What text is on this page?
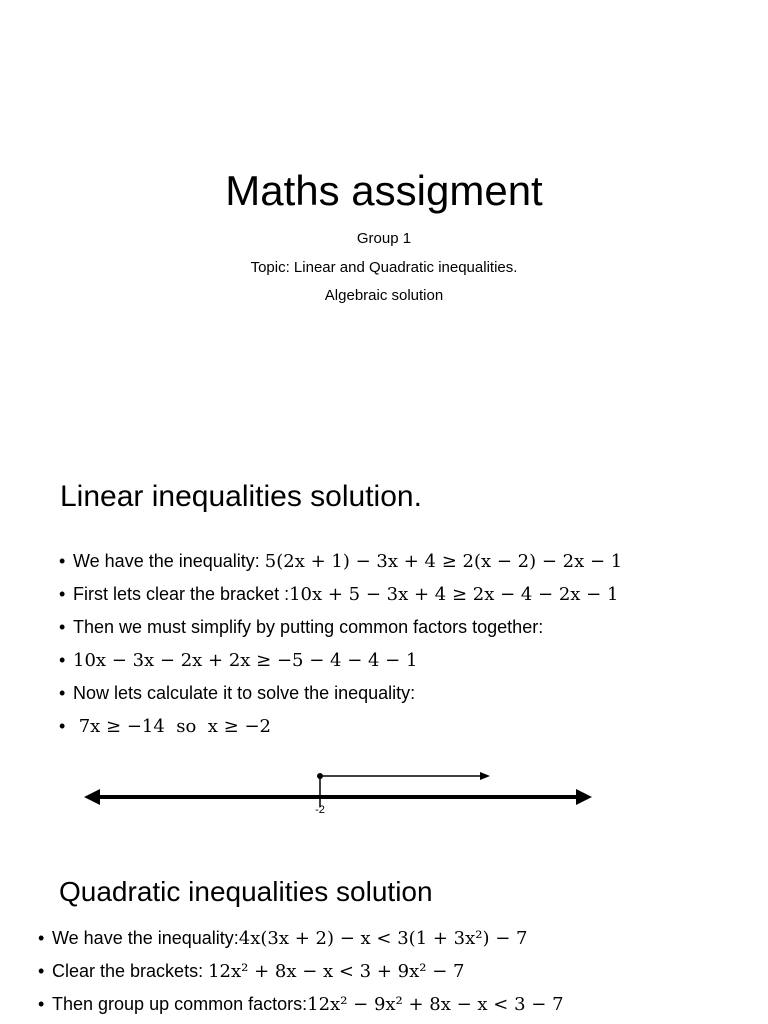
Maths assigment
Group 1
Topic: Linear and Quadratic inequalities.
Algebraic solution
Linear inequalities solution.
• We have the inequality: 5(2x + 1) − 3x + 4 ≥ 2(x − 2) − 2x − 1
• First lets clear the bracket :10x + 5 − 3x + 4 ≥ 2x − 4 − 2x − 1
• Then we must simplify by putting common factors together:
• 10x − 3x − 2x + 2x ≥ −5 − 4 − 4 − 1
• Now lets calculate it to solve the inequality:
•  7x ≥ −14  so  x ≥ −2
-2
Quadratic inequalities solution
• We have the inequality:4x(3x + 2) − x < 3(1 + 3x²) − 7
• Clear the brackets: 12x² + 8x − x < 3 + 9x² − 7
• Then group up common factors:12x² − 9x² + 8x − x < 3 − 7
